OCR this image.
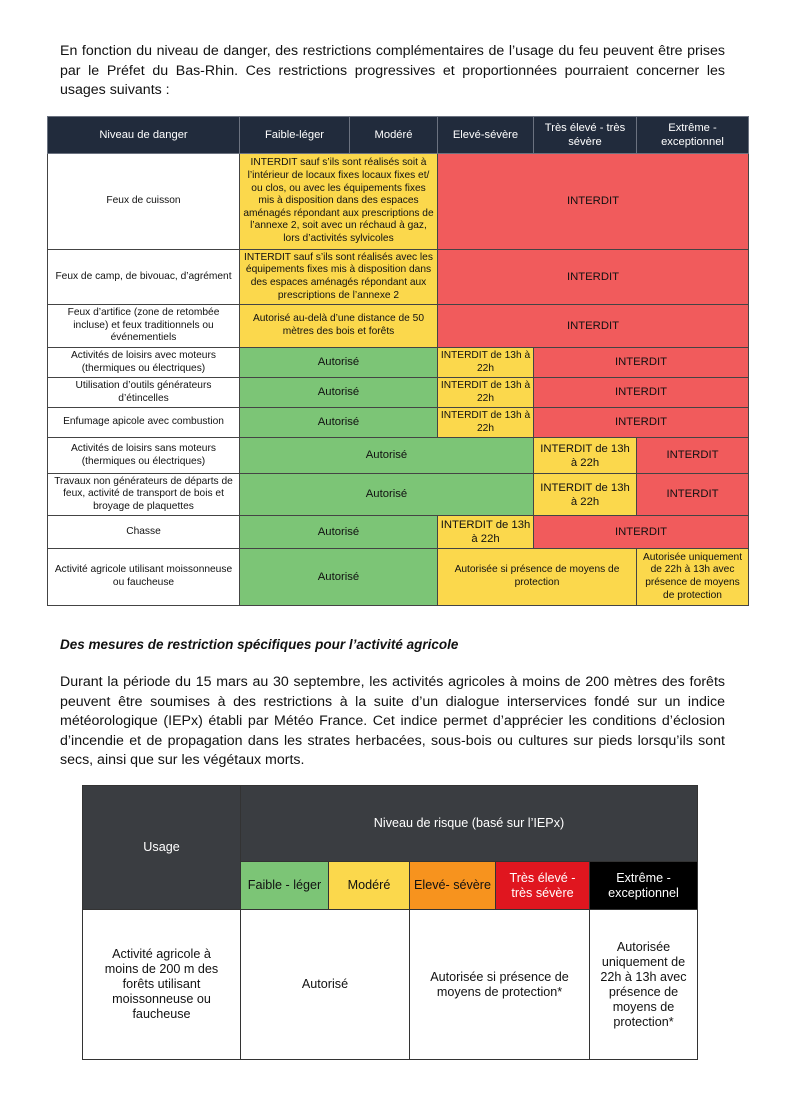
En fonction du niveau de danger, des restrictions complémentaires de l’usage du feu peuvent être prises par le Préfet du Bas-Rhin. Ces restrictions progressives et proportionnées pourraient concerner les usages suivants :

Niveau de danger	Faible-léger	Modéré	Elevé-sévère	Très élevé - très sévère	Extrême - exceptionnel
Feux de cuisson	INTERDIT sauf s’ils sont réalisés soit à l’intérieur de locaux fixes locaux fixes et/ ou clos, ou avec les équipements fixes mis à disposition dans des espaces aménagés répondant aux prescriptions de l’annexe 2, soit avec un réchaud à gaz, lors d’activités sylvicoles		INTERDIT		
Feux de camp, de bivouac, d’agrément	INTERDIT sauf s’ils sont réalisés avec les équipements fixes mis à disposition dans des espaces aménagés répondant aux prescriptions de l’annexe 2		INTERDIT		
Feux d’artifice (zone de retombée incluse) et feux traditionnels ou événementiels	Autorisé au-delà d’une distance de 50 mètres des bois et forêts		INTERDIT		
Activités de loisirs avec moteurs (thermiques ou électriques)	Autorisé		INTERDIT de 13h à 22h	INTERDIT	
Utilisation d’outils générateurs d’étincelles	Autorisé		INTERDIT de 13h à 22h	INTERDIT	
Enfumage apicole avec combustion	Autorisé		INTERDIT de 13h à 22h	INTERDIT	
Activités de loisirs sans moteurs (thermiques ou électriques)	Autorisé			INTERDIT de 13h à 22h	INTERDIT
Travaux non générateurs de départs de feux, activité de transport de bois et broyage de plaquettes	Autorisé			INTERDIT de 13h à 22h	INTERDIT
Chasse	Autorisé		INTERDIT de 13h à 22h	INTERDIT	
Activité agricole utilisant moissonneuse ou faucheuse	Autorisé		Autorisée si présence de moyens de protection		Autorisée uniquement de 22h à 13h avec présence de moyens de protection

Des mesures de restriction spécifiques pour l’activité agricole

Durant la période du 15 mars au 30 septembre, les activités agricoles à moins de 200 mètres des forêts peuvent être soumises à des restrictions à la suite d’un dialogue interservices fondé sur un indice météorologique (IEPx) établi par Météo France. Cet indice permet d’apprécier les conditions d’éclosion d’incendie et de propagation dans les strates herbacées, sous-bois ou cultures sur pieds lorsqu’ils sont secs, ainsi que sur les végétaux morts.

Usage	Niveau de risque (basé sur l’IEPx)				
	Faible - léger	Modéré	Elevé- sévère	Très élevé - très sévère	Extrême - exceptionnel
Activité agricole à moins de 200 m des forêts utilisant moissonneuse ou faucheuse	Autorisé		Autorisée si présence de moyens de protection*		Autorisée uniquement de 22h à 13h avec présence de moyens de protection*
